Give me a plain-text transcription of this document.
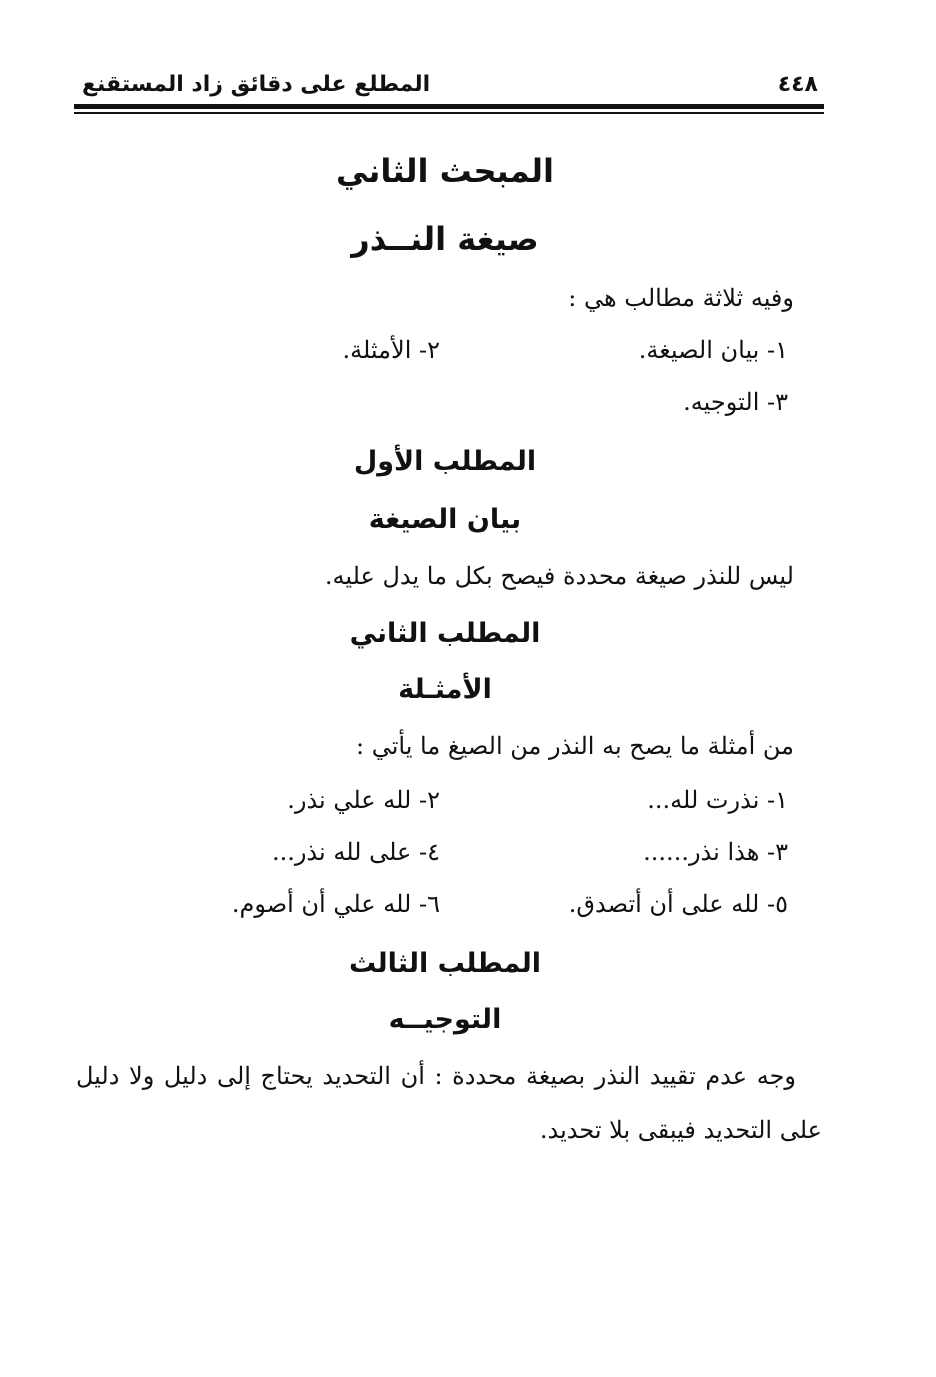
٤٤٨
المطلع على دقائق زاد المستقنع
المبحث الثاني
صيغة النــذر
وفيه ثلاثة مطالب هي :
١- بيان الصيغة.
٢- الأمثلة.
٣- التوجيه.
المطلب الأول
بيان الصيغة
ليس للنذر صيغة محددة فيصح بكل ما يدل عليه.
المطلب الثاني
الأمثـلة
من أمثلة ما يصح به النذر من الصيغ ما يأتي :
١- نذرت لله...
٢- لله علي نذر.
٣- هذا نذر......
٤- على لله نذر...
٥- لله على أن أتصدق.
٦- لله علي أن أصوم.
المطلب الثالث
التوجيــه
وجه عدم تقييد النذر بصيغة محددة : أن التحديد يحتاج إلى دليل ولا دليل
على التحديد فيبقى بلا تحديد.
